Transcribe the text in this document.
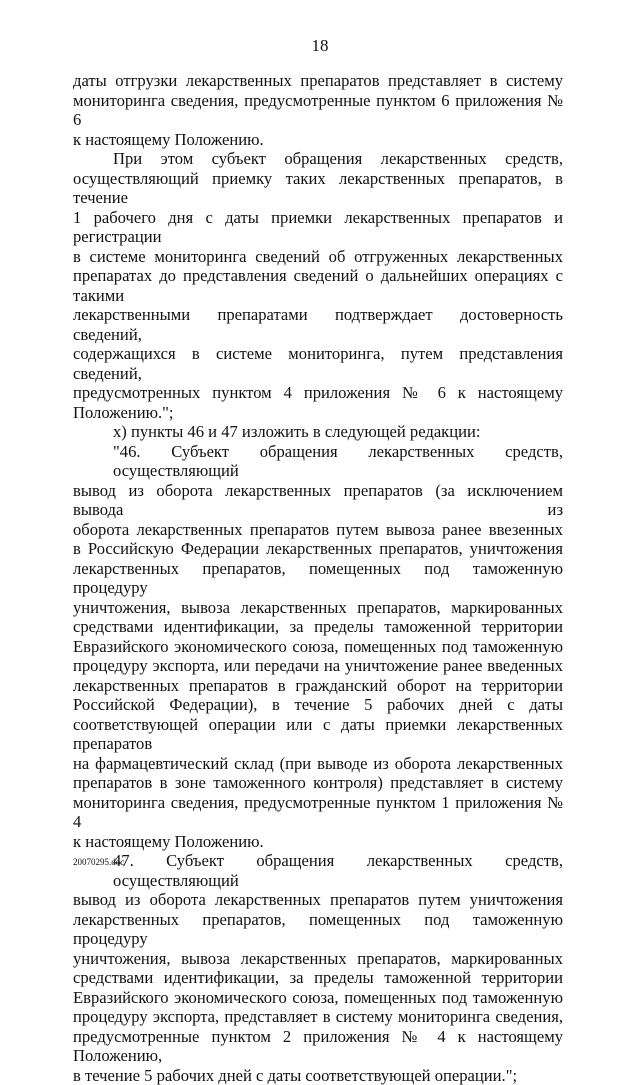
18

даты отгрузки лекарственных препаратов представляет в систему

мониторинга сведения, предусмотренные пунктом 6 приложения № 6

к настоящему Положению.

При этом субъект обращения лекарственных средств,

осуществляющий приемку таких лекарственных препаратов, в течение

1 рабочего дня с даты приемки лекарственных препаратов и регистрации

в системе мониторинга сведений об отгруженных лекарственных

препаратах до представления сведений о дальнейших операциях с такими

лекарственными препаратами подтверждает достоверность сведений,

содержащихся в системе мониторинга, путем представления сведений,

предусмотренных пунктом 4 приложения № 6 к настоящему Положению.";

х) пункты 46 и 47 изложить в следующей редакции:

"46. Субъект обращения лекарственных средств, осуществляющий

вывод из оборота лекарственных препаратов (за исключением вывода из

оборота лекарственных препаратов путем вывоза ранее ввезенных

в Российскую Федерации лекарственных препаратов, уничтожения

лекарственных препаратов, помещенных под таможенную процедуру

уничтожения, вывоза лекарственных препаратов, маркированных

средствами идентификации, за пределы таможенной территории

Евразийского экономического союза, помещенных под таможенную

процедуру экспорта, или передачи на уничтожение ранее введенных

лекарственных препаратов в гражданский оборот на территории

Российской Федерации), в течение 5 рабочих дней с даты

соответствующей операции или с даты приемки лекарственных препаратов

на фармацевтический склад (при выводе из оборота лекарственных

препаратов в зоне таможенного контроля) представляет в систему

мониторинга сведения, предусмотренные пунктом 1 приложения № 4

к настоящему Положению.

47. Субъект обращения лекарственных средств, осуществляющий

вывод из оборота лекарственных препаратов путем уничтожения

лекарственных препаратов, помещенных под таможенную процедуру

уничтожения, вывоза лекарственных препаратов, маркированных

средствами идентификации, за пределы таможенной территории

Евразийского экономического союза, помещенных под таможенную

процедуру экспорта, представляет в систему мониторинга сведения,

предусмотренные пунктом 2 приложения № 4 к настоящему Положению,

в течение 5 рабочих дней с даты соответствующей операции.";

20070295.doc
